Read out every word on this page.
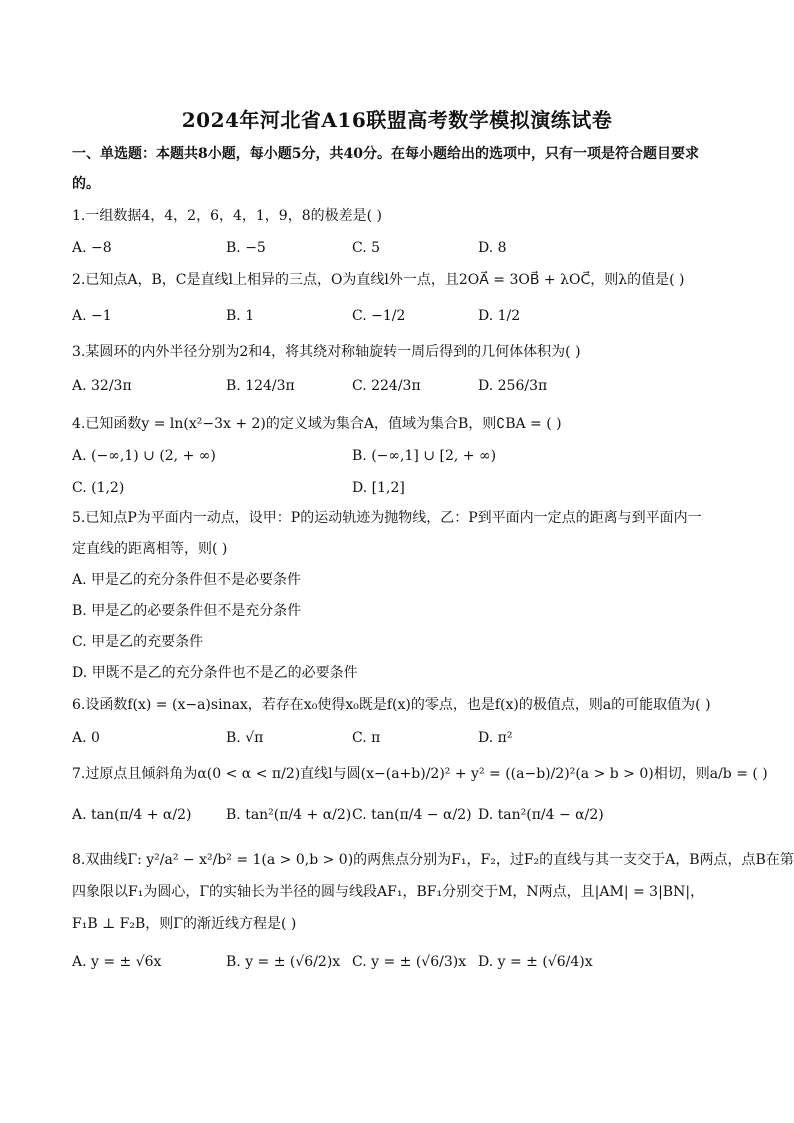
2024年河北省A16联盟高考数学模拟演练试卷
一、单选题：本题共8小题，每小题5分，共40分。在每小题给出的选项中，只有一项是符合题目要求
的。
1.一组数据4，4，2，6，4，1，9，8的极差是( )
A. −8	B. −5	C. 5	D. 8
2.已知点A，B，C是直线l上相异的三点，O为直线l外一点，且2OA⃗ = 3OB⃗ + λOC⃗，则λ的值是( )
A. −1	B. 1	C. −1/2	D. 1/2
3.某圆环的内外半径分别为2和4，将其绕对称轴旋转一周后得到的几何体体积为( )
A. 32/3π	B. 124/3π	C. 224/3π	D. 256/3π
4.已知函数y = ln(x²−3x + 2)的定义域为集合A，值域为集合B，则∁BA = ( )
A. (−∞,1) ∪ (2, + ∞)	B. (−∞,1] ∪ [2, + ∞)
C. (1,2)	D. [1,2]
5.已知点P为平面内一动点，设甲：P的运动轨迹为抛物线，乙：P到平面内一定点的距离与到平面内一
定直线的距离相等，则( )
A. 甲是乙的充分条件但不是必要条件
B. 甲是乙的必要条件但不是充分条件
C. 甲是乙的充要条件
D. 甲既不是乙的充分条件也不是乙的必要条件
6.设函数f(x) = (x−a)sinax，若存在x₀使得x₀既是f(x)的零点，也是f(x)的极值点，则a的可能取值为( )
A. 0	B. √π	C. π	D. π²
7.过原点且倾斜角为α(0 < α < π/2)直线l与圆(x−(a+b)/2)² + y² = ((a−b)/2)²(a > b > 0)相切，则a/b = ( )
A. tan(π/4 + α/2) B. tan²(π/4 + α/2) C. tan(π/4 − α/2) D. tan²(π/4 − α/2)
8.双曲线Γ: y²/a² − x²/b² = 1(a > 0,b > 0)的两焦点分别为F₁，F₂，过F₂的直线与其一支交于A，B两点，点B在第
四象限以F₁为圆心，Γ的实轴长为半径的圆与线段AF₁，BF₁分别交于M，N两点，且|AM| = 3|BN|，
F₁B ⊥ F₂B，则Γ的渐近线方程是( )
A. y = ± √6x	B. y = ± (√6/2)x C. y = ± (√6/3)x D. y = ± (√6/4)x
